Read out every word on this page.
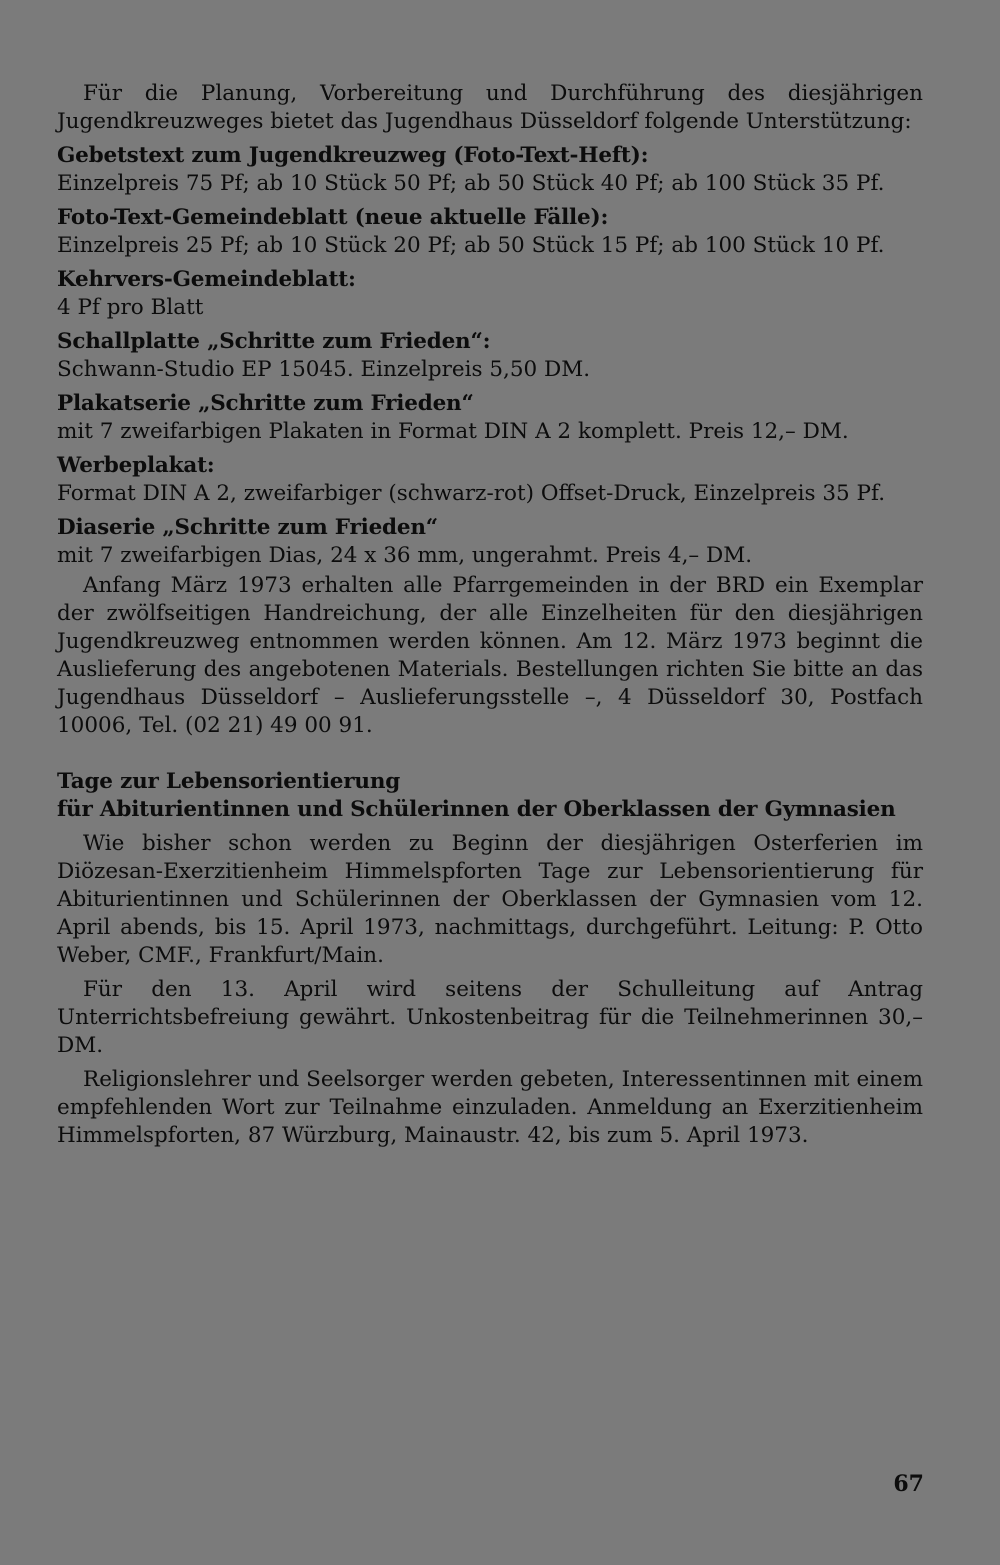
Für die Planung, Vorbereitung und Durchführung des diesjährigen Jugendkreuzweges bietet das Jugendhaus Düsseldorf folgende Unterstützung:

Gebetstext zum Jugendkreuzweg (Foto-Text-Heft):

Einzelpreis 75 Pf; ab 10 Stück 50 Pf; ab 50 Stück 40 Pf; ab 100 Stück 35 Pf.

Foto-Text-Gemeindeblatt (neue aktuelle Fälle):

Einzelpreis 25 Pf; ab 10 Stück 20 Pf; ab 50 Stück 15 Pf; ab 100 Stück 10 Pf.

Kehrvers-Gemeindeblatt:

4 Pf pro Blatt

Schallplatte „Schritte zum Frieden“:

Schwann-Studio EP 15045. Einzelpreis 5,50 DM.

Plakatserie „Schritte zum Frieden“

mit 7 zweifarbigen Plakaten in Format DIN A 2 komplett. Preis 12,– DM.

Werbeplakat:

Format DIN A 2, zweifarbiger (schwarz-rot) Offset-Druck, Einzelpreis 35 Pf.

Diaserie „Schritte zum Frieden“

mit 7 zweifarbigen Dias, 24 x 36 mm, ungerahmt. Preis 4,– DM.

Anfang März 1973 erhalten alle Pfarrgemeinden in der BRD ein Exemplar der zwölfseitigen Handreichung, der alle Einzelheiten für den diesjährigen Jugendkreuzweg entnommen werden können. Am 12. März 1973 beginnt die Auslieferung des angebotenen Materials. Bestellungen richten Sie bitte an das Jugendhaus Düsseldorf – Auslieferungsstelle –, 4 Düsseldorf 30, Postfach 10006, Tel. (02 21) 49 00 91.

Tage zur Lebensorientierung
für Abiturientinnen und Schülerinnen der Oberklassen der Gymnasien

Wie bisher schon werden zu Beginn der diesjährigen Osterferien im Diözesan-Exerzitienheim Himmelspforten Tage zur Lebensorientierung für Abiturientinnen und Schülerinnen der Oberklassen der Gymnasien vom 12. April abends, bis 15. April 1973, nachmittags, durchgeführt. Leitung: P. Otto Weber, CMF., Frankfurt/Main.

Für den 13. April wird seitens der Schulleitung auf Antrag Unterrichtsbefreiung gewährt. Unkostenbeitrag für die Teilnehmerinnen 30,– DM.

Religionslehrer und Seelsorger werden gebeten, Interessentinnen mit einem empfehlenden Wort zur Teilnahme einzuladen. Anmeldung an Exerzitienheim Himmelspforten, 87 Würzburg, Mainaustr. 42, bis zum 5. April 1973.

67
